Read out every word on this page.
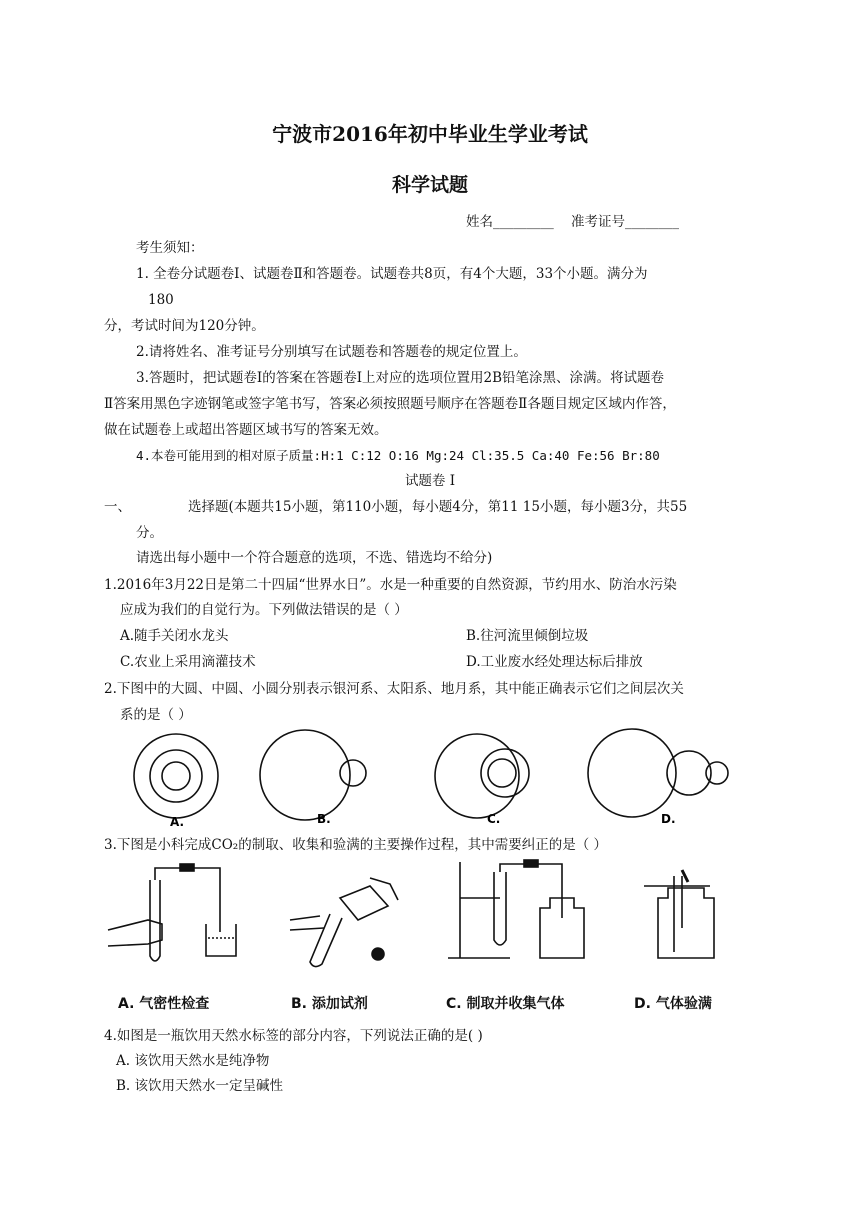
宁波市2016年初中毕业生学业考试
科学试题
姓名_________ 准考证号________
考生须知：
1. 全卷分试题卷Ⅰ、试题卷Ⅱ和答题卷。试题卷共8页，有4个大题，33个小题。满分为
180
分，考试时间为120分钟。
2.请将姓名、准考证号分别填写在试题卷和答题卷的规定位置上。
3.答题时，把试题卷Ⅰ的答案在答题卷Ⅰ上对应的选项位置用2B铅笔涂黑、涂满。将试题卷
Ⅱ答案用黑色字迹钢笔或签字笔书写，答案必须按照题号顺序在答题卷Ⅱ各题目规定区域内作答，
做在试题卷上或超出答题区域书写的答案无效。
4.本卷可能用到的相对原子质量:H:1 C:12 O:16 Mg:24 Cl:35.5 Ca:40 Fe:56 Br:80
试题卷 Ⅰ
一、	选择题(本题共15小题，第110小题，每小题4分，第11 15小题，每小题3分，共55
分。
请选出每小题中一个符合题意的选项，不选、错选均不给分)
1.2016年3月22日是第二十四届“世界水日”。水是一种重要的自然资源，节约用水、防治水污染
应成为我们的自觉行为。下列做法错误的是（ ）
A.随手关闭水龙头	B.往河流里倾倒垃圾
C.农业上采用滴灌技术	D.工业废水经处理达标后排放
2.下图中的大圆、中圆、小圆分别表示银河系、太阳系、地月系，其中能正确表示它们之间层次关
系的是（ ）
A.	B.	C.	D.
3.下图是小科完成CO₂的制取、收集和验满的主要操作过程，其中需要纠正的是（ ）
A. 气密性检查	B. 添加试剂	C. 制取并收集气体	D. 气体验满
4.如图是一瓶饮用天然水标签的部分内容，下列说法正确的是( )
A. 该饮用天然水是纯净物
B. 该饮用天然水一定呈碱性
